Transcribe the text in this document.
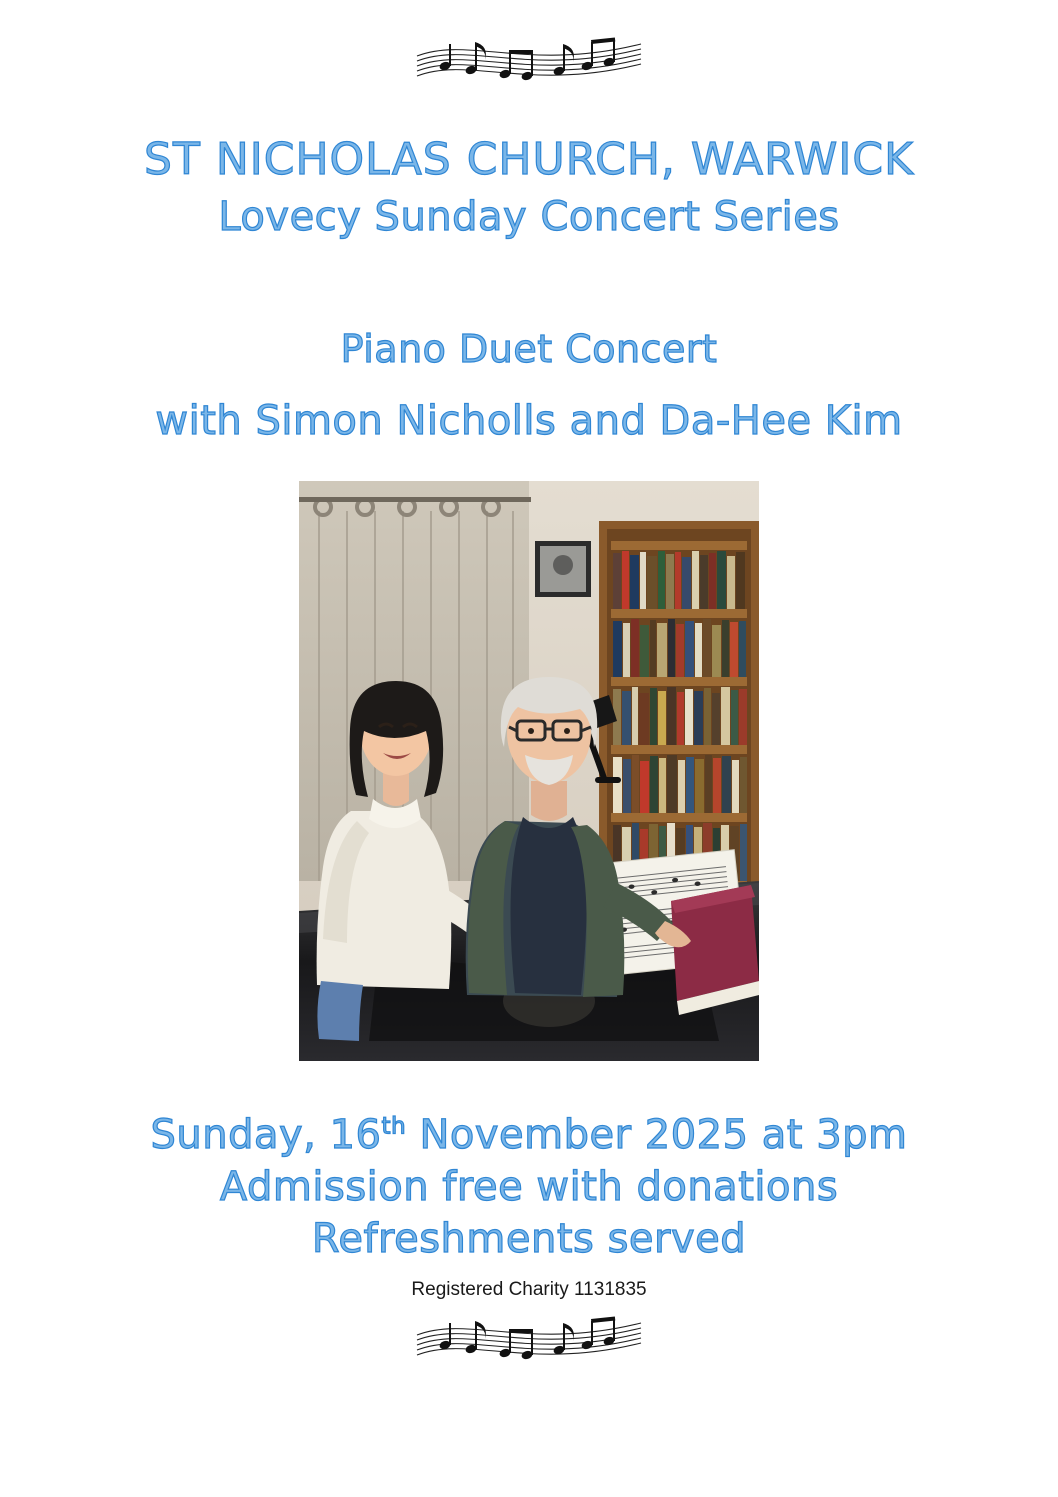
ST NICHOLAS CHURCH, WARWICK
Lovecy Sunday Concert Series
Piano Duet Concert
with Simon Nicholls and Da-Hee Kim
Sunday, 16th November 2025 at 3pm
Admission free with donations
Refreshments served
Registered Charity 1131835
